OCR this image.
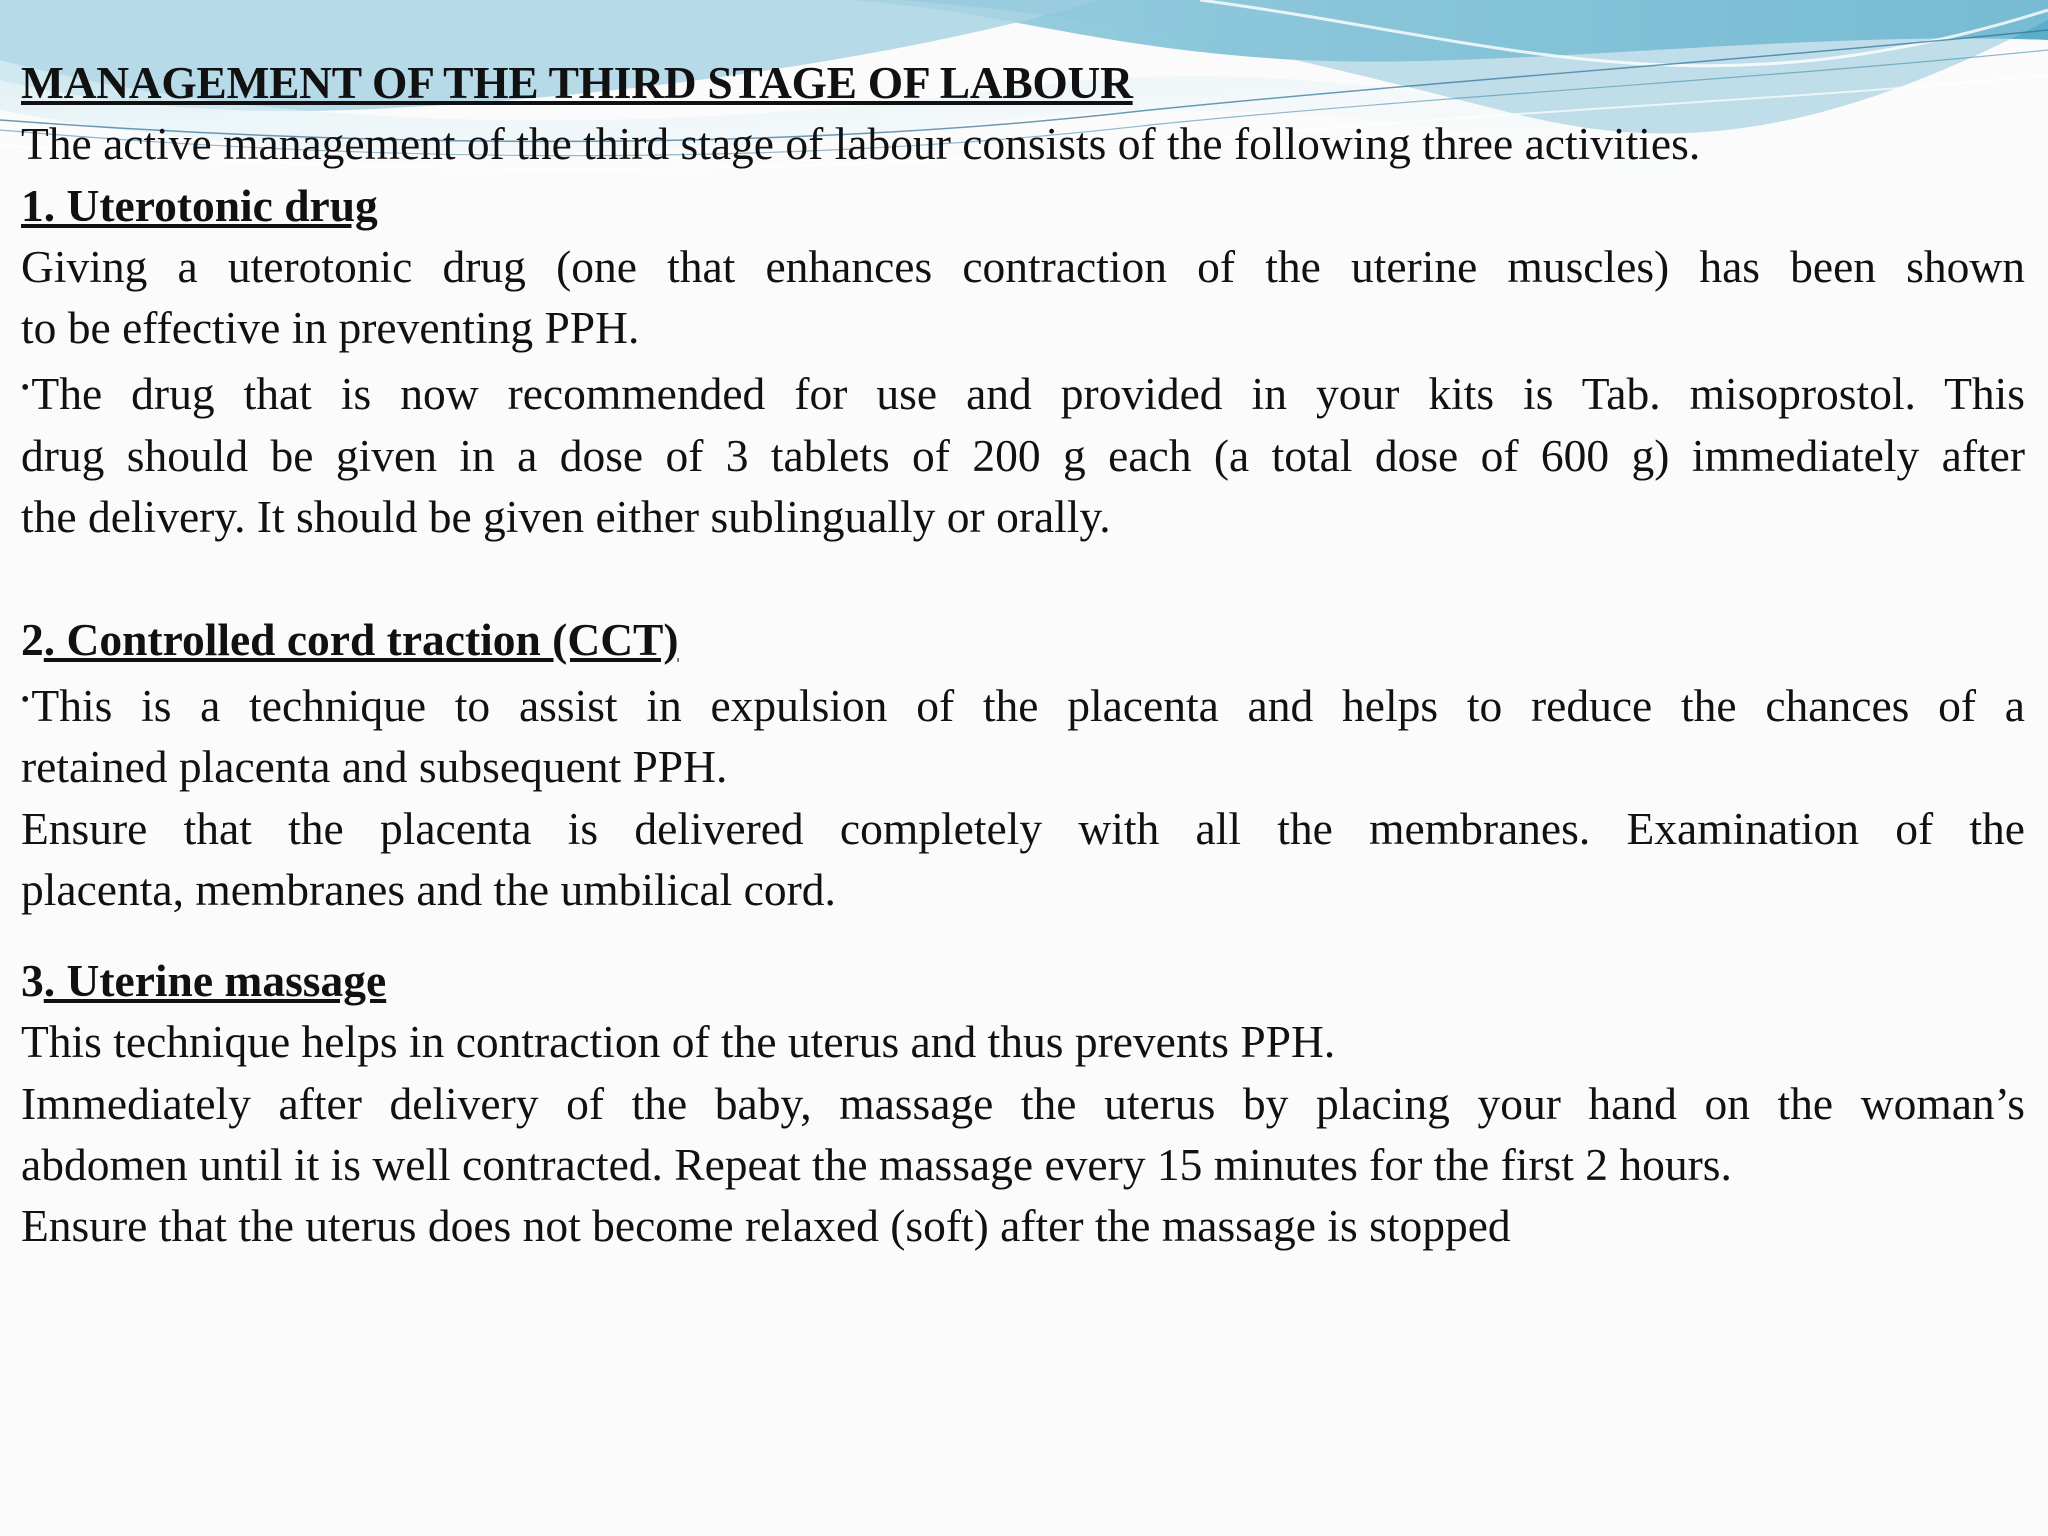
MANAGEMENT OF THE THIRD STAGE OF LABOUR
The active management of the third stage of labour consists of the following three activities.
1. Uterotonic drug
Giving a uterotonic drug (one that enhances contraction of the uterine muscles) has been shown
to be effective in preventing PPH.
•The drug that is now recommended for use and provided in your kits is Tab. misoprostol. This
drug should be given in a dose of 3 tablets of 200 g each (a total dose of 600 g) immediately after
the delivery. It should be given either sublingually or orally.
2. Controlled cord traction (CCT)
•This is a technique to assist in expulsion of the placenta and helps to reduce the chances of a
retained placenta and subsequent PPH.
Ensure that the placenta is delivered completely with all the membranes. Examination of the
placenta, membranes and the umbilical cord.
3. Uterine massage
This technique helps in contraction of the uterus and thus prevents PPH.
Immediately after delivery of the baby, massage the uterus by placing your hand on the woman’s
abdomen until it is well contracted. Repeat the massage every 15 minutes for the first 2 hours.
Ensure that the uterus does not become relaxed (soft) after the massage is stopped
